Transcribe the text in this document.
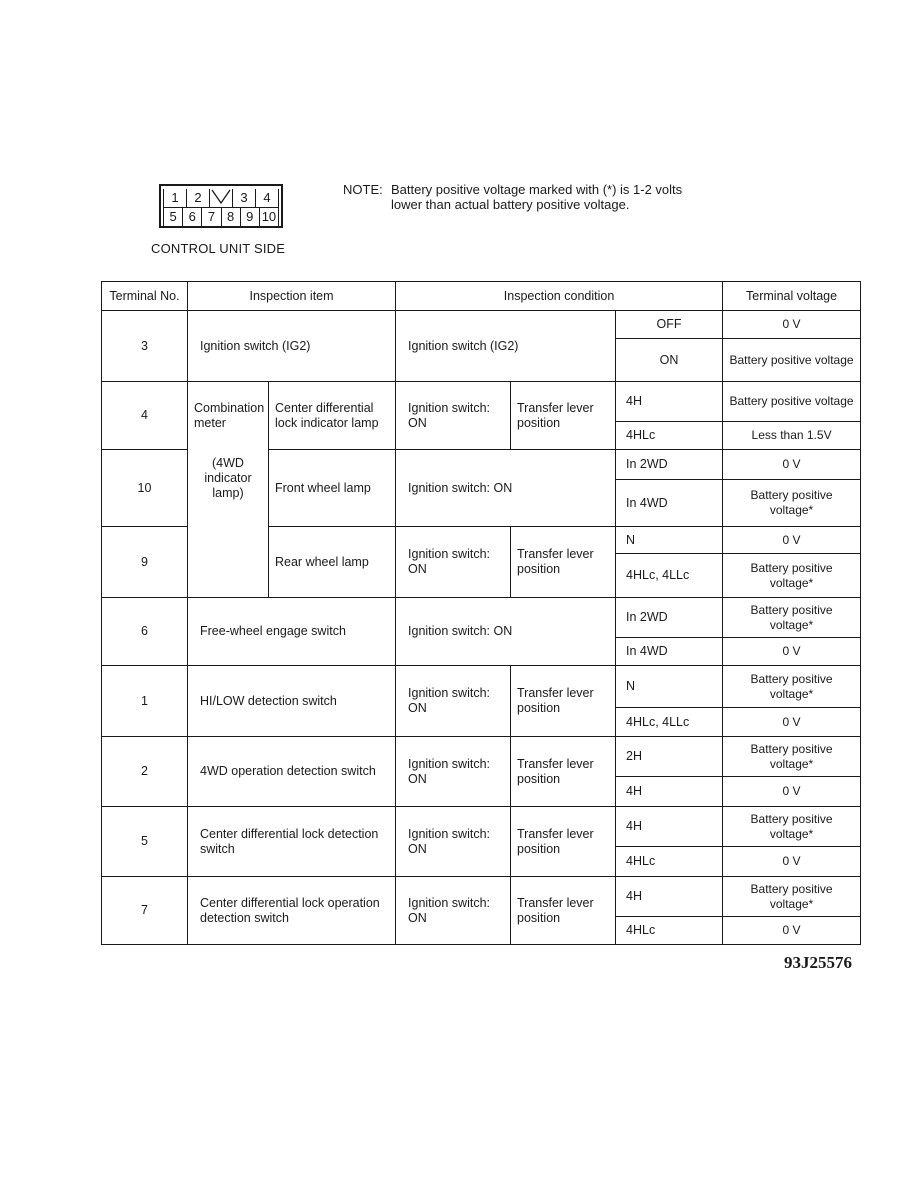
1	2	3	4
5 6 7 8 9 10
CONTROL UNIT SIDE
NOTE: Battery positive voltage marked with (*) is 1-2 volts
lower than actual battery positive voltage.
Terminal No.	Inspection item		Inspection condition			Terminal voltage
3	Ignition switch (IG2)		Ignition switch (IG2)		OFF	0 V
					ON	Battery positive voltage
4	Combination meter	Center differential lock indicator lamp	Ignition switch: ON	Transfer lever position	4H	Battery positive voltage
					4HLc	Less than 1.5V
10	(4WD indicator lamp)	Front wheel lamp	Ignition switch: ON		In 2WD	0 V
					In 4WD	Battery positive voltage*
9		Rear wheel lamp	Ignition switch: ON	Transfer lever position	N	0 V
					4HLc, 4LLc	Battery positive voltage*
6	Free-wheel engage switch		Ignition switch: ON		In 2WD	Battery positive voltage*
					In 4WD	0 V
1	HI/LOW detection switch		Ignition switch: ON	Transfer lever position	N	Battery positive voltage*
					4HLc, 4LLc	0 V
2	4WD operation detection switch		Ignition switch: ON	Transfer lever position	2H	Battery positive voltage*
					4H	0 V
5	Center differential lock detection switch		Ignition switch: ON	Transfer lever position	4H	Battery positive voltage*
					4HLc	0 V
7	Center differential lock operation detection switch		Ignition switch: ON	Transfer lever position	4H	Battery positive voltage*
					4HLc	0 V
93J25576
